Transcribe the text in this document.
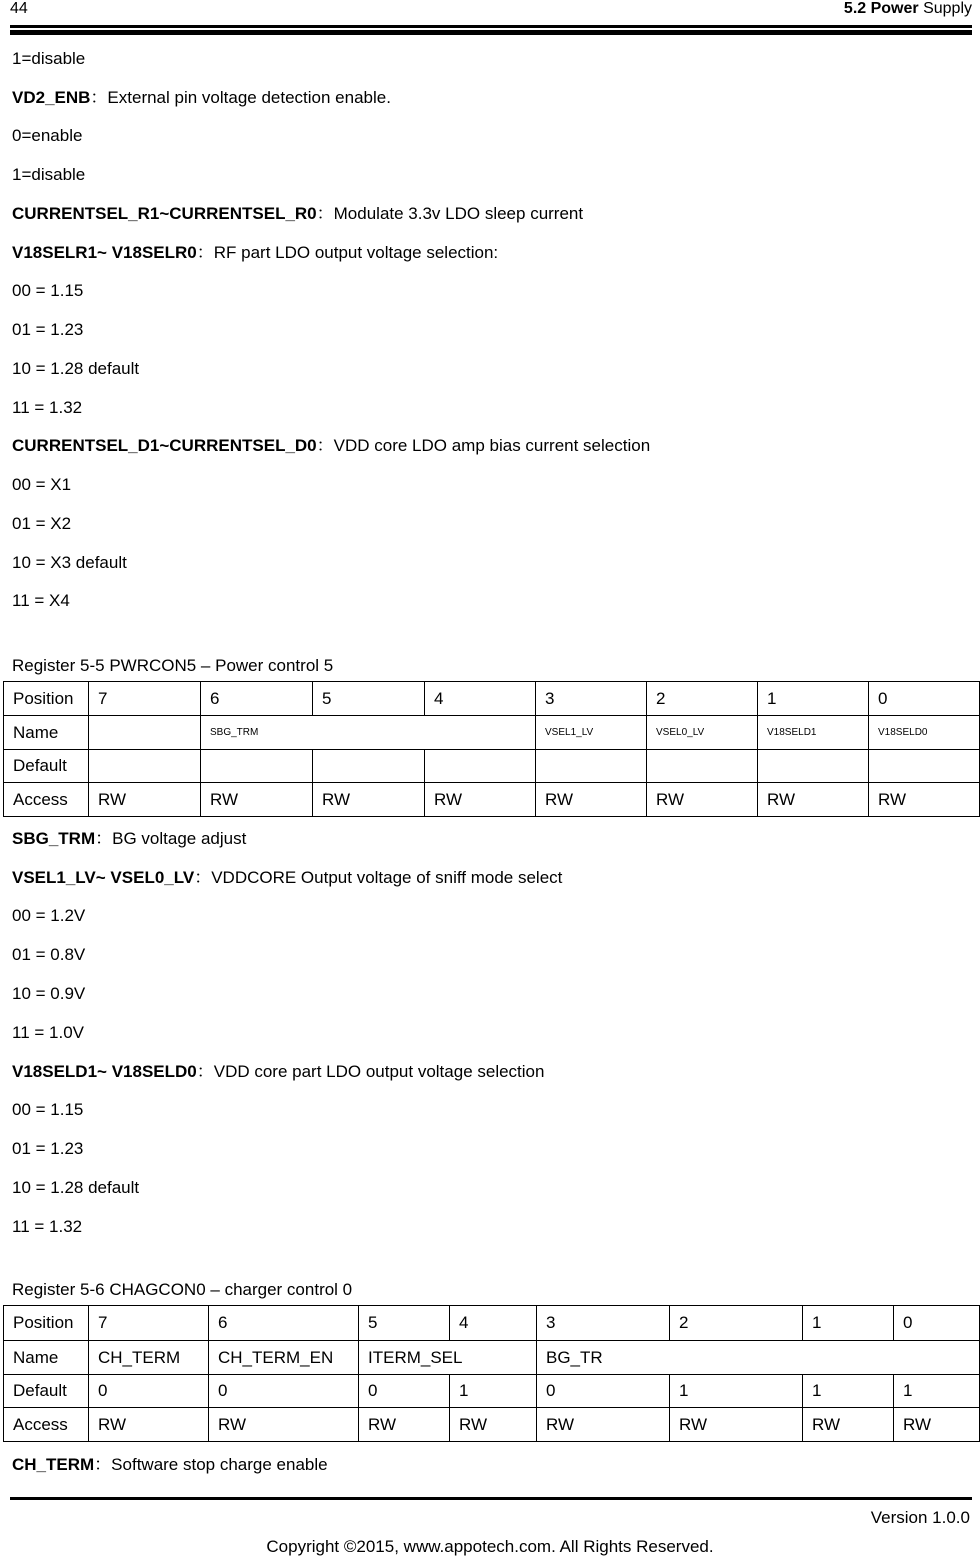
44	5.2 Power Supply
1=disable
VD2_ENB：External pin voltage detection enable.
0=enable
1=disable
CURRENTSEL_R1~CURRENTSEL_R0：Modulate 3.3v LDO sleep current
V18SELR1~ V18SELR0：RF part LDO output voltage selection:
00 = 1.15
01 = 1.23
10 = 1.28 default
11 = 1.32
CURRENTSEL_D1~CURRENTSEL_D0：VDD core LDO amp bias current selection
00 = X1
01 = X2
10 = X3 default
11 = X4
Register 5-5 PWRCON5 – Power control 5
Position	7	6	5	4	3	2	1	0
Name		SBG_TRM			VSEL1_LV	VSEL0_LV	V18SELD1	V18SELD0
Default								
Access	RW	RW	RW	RW	RW	RW	RW	RW
SBG_TRM：BG voltage adjust
VSEL1_LV~ VSEL0_LV：VDDCORE Output voltage of sniff mode select
00 = 1.2V
01 = 0.8V
10 = 0.9V
11 = 1.0V
V18SELD1~ V18SELD0：VDD core part LDO output voltage selection
00 = 1.15
01 = 1.23
10 = 1.28 default
11 = 1.32
Register 5-6 CHAGCON0 – charger control 0
Position	7	6	5	4	3	2	1	0
Name	CH_TERM	CH_TERM_EN	ITERM_SEL		BG_TR			
Default	0	0	0	1	0	1	1	1
Access	RW	RW	RW	RW	RW	RW	RW	RW
CH_TERM：Software stop charge enable
Version 1.0.0
Copyright ©2015, www.appotech.com. All Rights Reserved.
